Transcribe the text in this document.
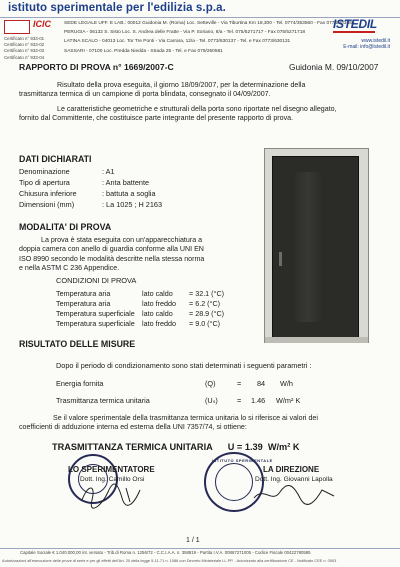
istituto sperimentale per l'edilizia s.p.a.
ICIC
Certificato n° 933-01
Certificato n° 933-02
Certificato n° 933-03
Certificato n° 933-04
SEDE LEGALE UFF. E LAB.: 00012 Guidonia M. (Roma) Loc. Setteville - Via Tiburtina Km 18,300 - Tel. 0774/353560 - Fax 0774/353586
PERUGIA - 06132 S. Sisto Loc. S. Andrea delle Fratte - Via P. Soriano, 8/a - Tel. 075/5271717 - Fax 075/5271718
LATINA SCALO - 04013 Loc. Tor Tre Ponti - Via Carrara, 12/a - Tel. 0773/630137 - Tel. e Fax 0773/630131
SASSARI - 07100 Loc. Predda Niedda - Strada 25 - Tel. e Fax 079/260581
ISTEDIL
www.istedil.it
E-mail: info@istedil.it
RAPPORTO DI PROVA n° 1669/2007-C	Guidonia M. 09/10/2007
Risultato della prova eseguita, il giorno 18/09/2007, per la determinazione della
trasmittanza termica di un campione di porta blindata, consegnato il 04/09/2007.
Le caratteristiche geometriche e strutturali della porta sono riportate nel disegno allegato,
fornito dal Committente, che costituisce parte integrante del presente rapporto di prova.
DATI DICHIARATI
Denominazione	: A1
Tipo di apertura	: Anta battente
Chiusura inferiore	: battuta a soglia
Dimensioni (mm)	: La 1025 ; H 2163
MODALITA' DI PROVA
La prova è stata eseguita con un'apparecchiatura a
doppia camera con anello di guardia conforme alla UNI EN
ISO 8990 secondo le modalità descritte nella stessa norma
e nella ASTM C 236 Appendice.
CONDIZIONI DI PROVA
Temperatura aria	lato caldo = 32.1 (°C)
Temperatura aria	lato freddo = 6.2 (°C)
Temperatura superficiale lato caldo = 28.9 (°C)
Temperatura superficiale lato freddo = 9.0 (°C)
RISULTATO DELLE MISURE
Dopo il periodo di condizionamento sono stati determinati i seguenti parametri :
Energia fornita	(Q)	= 84 W/h
Trasmittanza termica unitaria	(Uₛ)	= 1.46 W/m² K
Se il valore sperimentale della trasmittanza termica unitaria lo si riferisce ai valori dei
coefficienti di adduzione interna ed esterna della UNI 7357/74, si ottiene:
TRASMITTANZA TERMICA UNITARIA      U = 1.39  W/m² K
LO SPERIMENTATORE
Dott. Ing. Camillo Orsi
ISTITUTO SPERIMENTALE
LA DIREZIONE
Dott. Ing. Giovanni Lapolla
1 / 1
Capitale Sociale € 1.040.000,00 int. versato - Trib.di Roma n. 1256/72 - C.C.I.A.A. n. 358819 - Partita I.V.A. 00867271005 - Codice Fiscale 00422780585
Autorizzazioni all'esecuzione delle prove di serie e per gli effetti dell'Art. 20 della legge 5-11-71 n. 1086 con Decreto Ministeriale LL.PP. - Autorizzato alla certificazione CE - Notificato CEE n. 0503
